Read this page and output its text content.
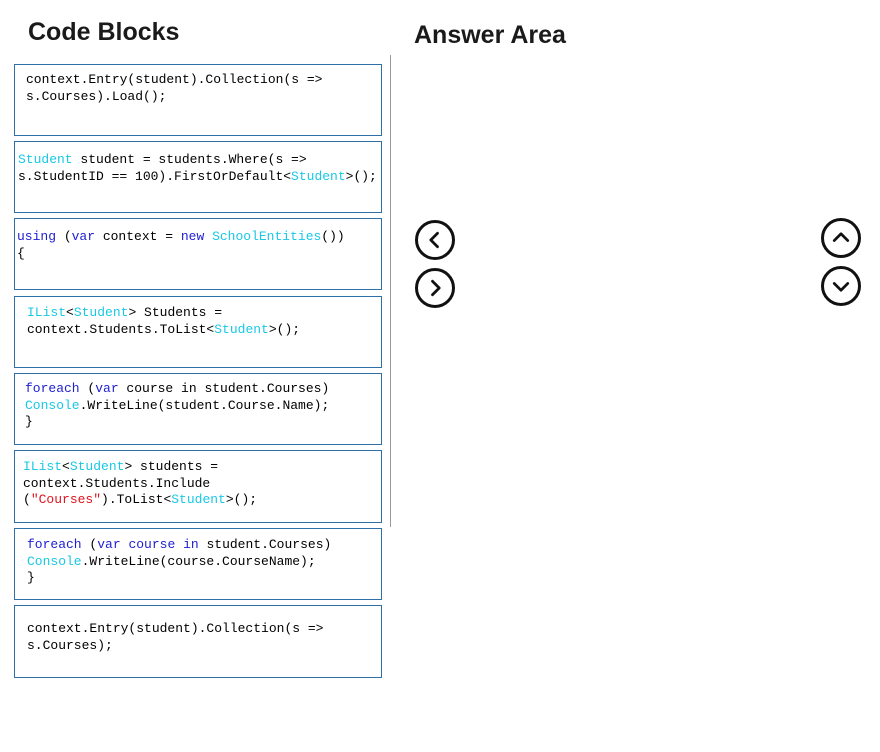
Code Blocks	Answer Area
context.Entry(student).Collection(s =>
s.Courses).Load();
Student student = students.Where(s =>
s.StudentID == 100).FirstOrDefault<Student>();
using (var context = new SchoolEntities())
{
IList<Student> Students =
context.Students.ToList<Student>();
foreach (var course in student.Courses)
Console.WriteLine(student.Course.Name);
}
IList<Student> students =
context.Students.Include
("Courses").ToList<Student>();
foreach (var course in student.Courses)
Console.WriteLine(course.CourseName);
}
context.Entry(student).Collection(s =>
s.Courses);
